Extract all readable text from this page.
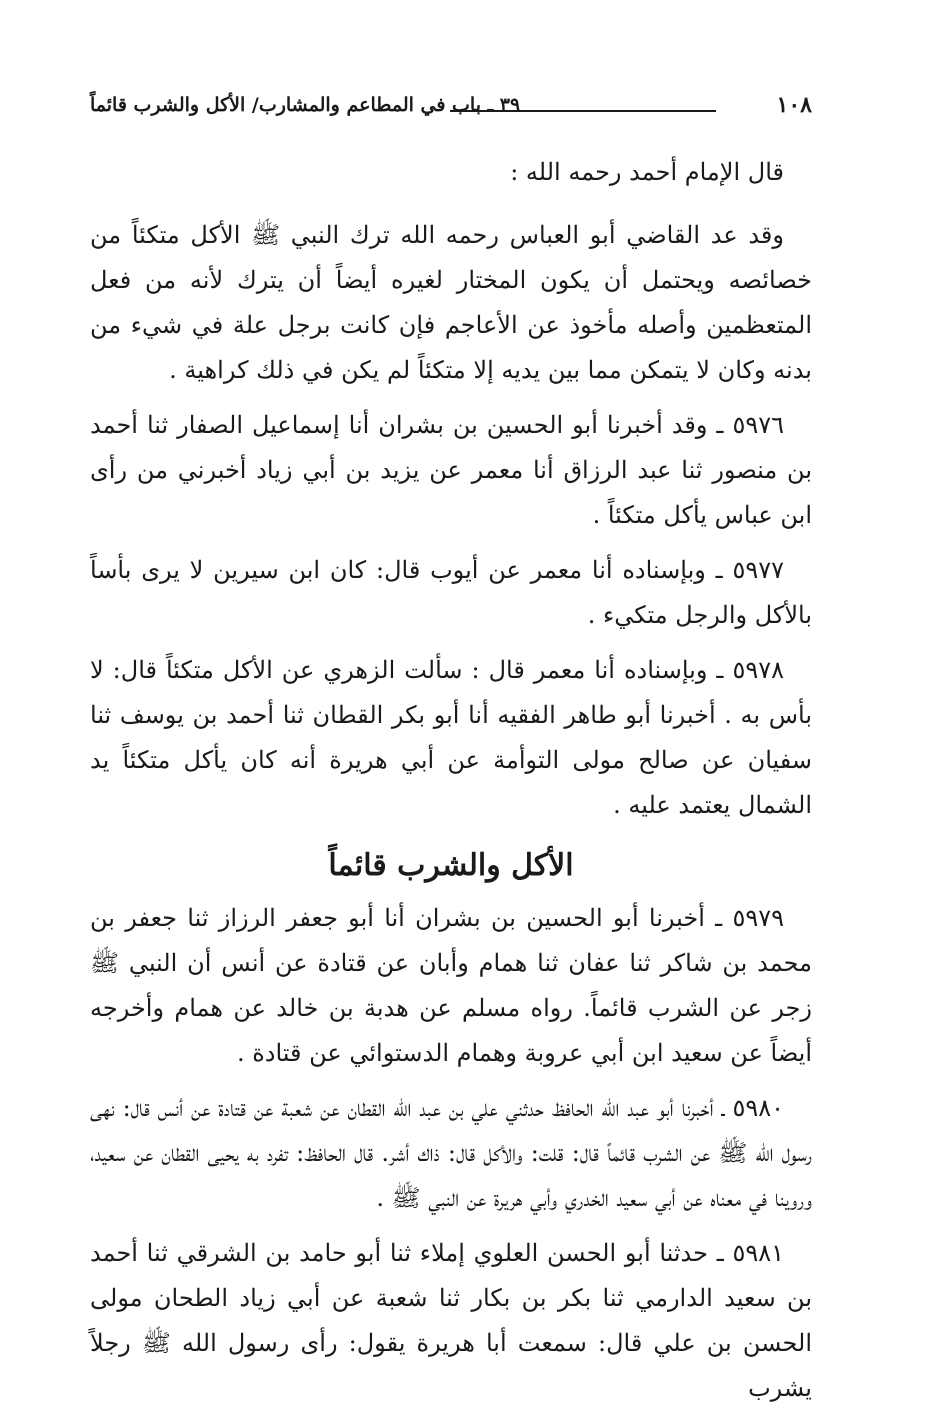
١٠٨
٣٩ ـ باب في المطاعم والمشارب/ الأكل والشرب قائماً

قال الإمام أحمد رحمه الله :

وقد عد القاضي أبو العباس رحمه الله ترك النبي ﷺ الأكل متكئاً من خصائصه ويحتمل أن يكون المختار لغيره أيضاً أن يترك لأنه من فعل المتعظمين وأصله مأخوذ عن الأعاجم فإن كانت برجل علة في شيء من بدنه وكان لا يتمكن مما بين يديه إلا متكئاً لم يكن في ذلك كراهية .

٥٩٧٦ ـ وقد أخبرنا أبو الحسين بن بشران أنا إسماعيل الصفار ثنا أحمد بن منصور ثنا عبد الرزاق أنا معمر عن يزيد بن أبي زياد أخبرني من رأى ابن عباس يأكل متكئاً .

٥٩٧٧ ـ وبإسناده أنا معمر عن أيوب قال: كان ابن سيرين لا يرى بأساً بالأكل والرجل متكيء .

٥٩٧٨ ـ وبإسناده أنا معمر قال : سألت الزهري عن الأكل متكئاً قال: لا بأس به . أخبرنا أبو طاهر الفقيه أنا أبو بكر القطان ثنا أحمد بن يوسف ثنا سفيان عن صالح مولى التوأمة عن أبي هريرة أنه كان يأكل متكئاً يد الشمال يعتمد عليه .

الأكل والشرب قائماً

٥٩٧٩ ـ أخبرنا أبو الحسين بن بشران أنا أبو جعفر الرزاز ثنا جعفر بن محمد بن شاكر ثنا عفان ثنا همام وأبان عن قتادة عن أنس أن النبي ﷺ زجر عن الشرب قائماً. رواه مسلم عن هدبة بن خالد عن همام وأخرجه أيضاً عن سعيد ابن أبي عروبة وهمام الدستوائي عن قتادة .

٥٩٨٠ ـ أخبرنا أبو عبد الله الحافظ حدثني علي بن عبد الله القطان عن شعبة عن قتادة عن أنس قال: نهى رسول الله ﷺ عن الشرب قائماً قال: قلت: والأكل قال: ذاك أشر. قال الحافظ: تفرد به يحيى القطان عن سعيد، وروينا في معناه عن أبي سعيد الخدري وأبي هريرة عن النبي ﷺ .

٥٩٨١ ـ حدثنا أبو الحسن العلوي إملاء ثنا أبو حامد بن الشرقي ثنا أحمد بن سعيد الدارمي ثنا بكر بن بكار ثنا شعبة عن أبي زياد الطحان مولى الحسن بن علي قال: سمعت أبا هريرة يقول: رأى رسول الله ﷺ رجلاً يشرب
